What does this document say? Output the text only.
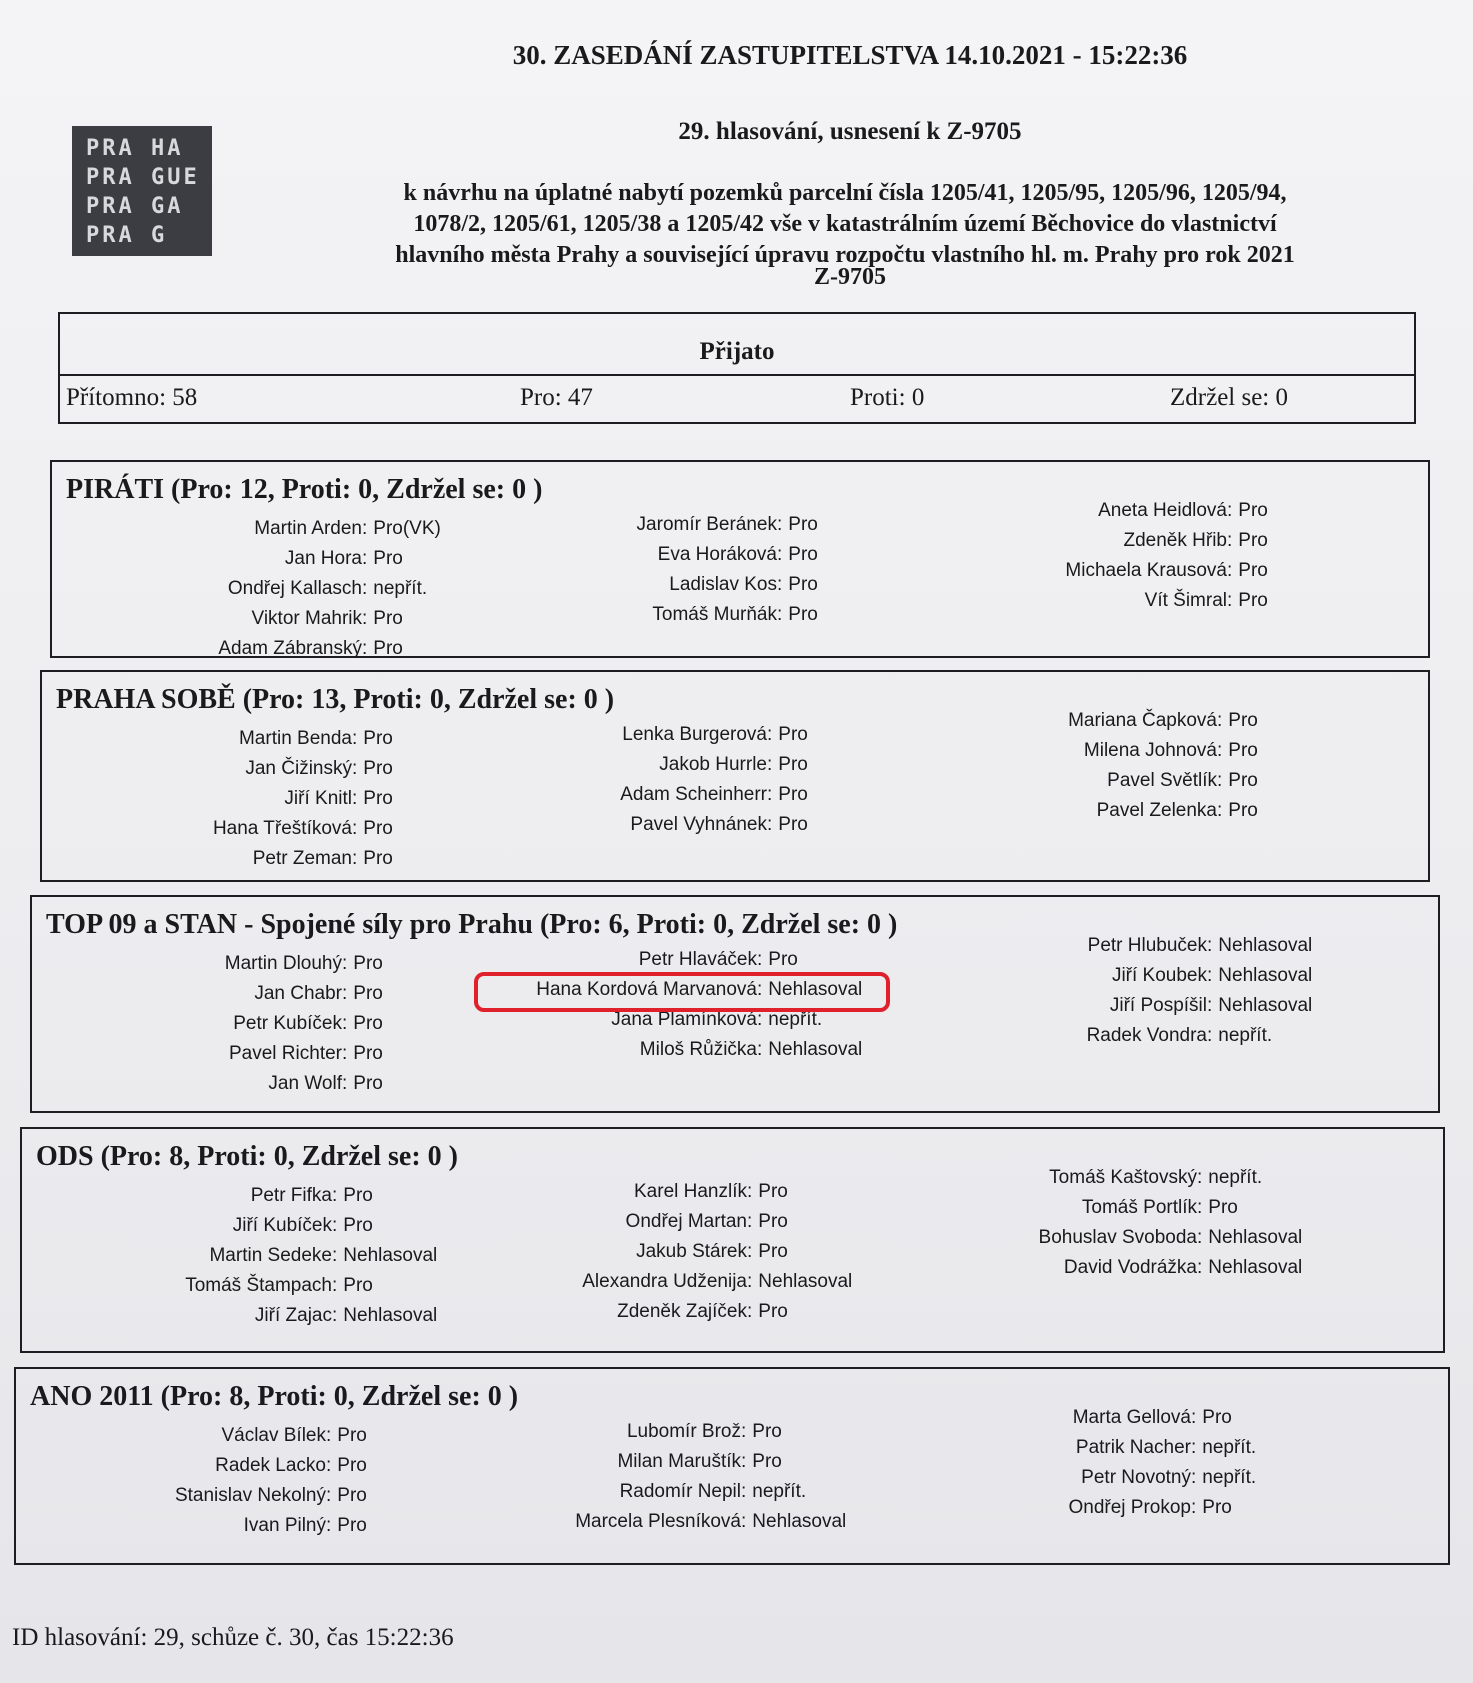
PRA HA
PRA GUE
PRA GA
PRA G
30. ZASEDÁNÍ ZASTUPITELSTVA 14.10.2021 - 15:22:36
29. hlasování, usnesení k Z-9705
k návrhu na úplatné nabytí pozemků parcelní čísla 1205/41, 1205/95, 1205/96, 1205/94,
1078/2, 1205/61, 1205/38 a 1205/42 vše v katastrálním území Běchovice do vlastnictví
hlavního města Prahy a související úpravu rozpočtu vlastního hl. m. Prahy pro rok 2021
Z-9705
Přijato
Přítomno: 58	Pro: 47	Proti: 0	Zdržel se: 0
PIRÁTI (Pro: 12, Proti: 0, Zdržel se: 0 )
Martin Arden : Pro(VK)
Jan Hora : Pro
Ondřej Kallasch : nepřít.
Viktor Mahrik : Pro
Adam Zábranský : Pro
Jaromír Beránek : Pro
Eva Horáková : Pro
Ladislav Kos : Pro
Tomáš Murňák : Pro
Aneta Heidlová : Pro
Zdeněk Hřib : Pro
Michaela Krausová : Pro
Vít Šimral : Pro
PRAHA SOBĚ (Pro: 13, Proti: 0, Zdržel se: 0 )
Martin Benda : Pro
Jan Čižinský : Pro
Jiří Knitl : Pro
Hana Třeštíková : Pro
Petr Zeman : Pro
Lenka Burgerová : Pro
Jakob Hurrle : Pro
Adam Scheinherr : Pro
Pavel Vyhnánek : Pro
Mariana Čapková : Pro
Milena Johnová : Pro
Pavel Světlík : Pro
Pavel Zelenka : Pro
TOP 09 a STAN - Spojené síly pro Prahu (Pro: 6, Proti: 0, Zdržel se: 0 )
Martin Dlouhý : Pro
Jan Chabr : Pro
Petr Kubíček : Pro
Pavel Richter : Pro
Jan Wolf : Pro
Petr Hlaváček : Pro
Hana Kordová Marvanová : Nehlasoval
Jana Plamínková : nepřít.
Miloš Růžička : Nehlasoval
Petr Hlubuček : Nehlasoval
Jiří Koubek : Nehlasoval
Jiří Pospíšil : Nehlasoval
Radek Vondra : nepřít.
ODS (Pro: 8, Proti: 0, Zdržel se: 0 )
Petr Fifka : Pro
Jiří Kubíček : Pro
Martin Sedeke : Nehlasoval
Tomáš Štampach : Pro
Jiří Zajac : Nehlasoval
Karel Hanzlík : Pro
Ondřej Martan : Pro
Jakub Stárek : Pro
Alexandra Udženija : Nehlasoval
Zdeněk Zajíček : Pro
Tomáš Kaštovský : nepřít.
Tomáš Portlík : Pro
Bohuslav Svoboda : Nehlasoval
David Vodrážka : Nehlasoval
ANO 2011 (Pro: 8, Proti: 0, Zdržel se: 0 )
Václav Bílek : Pro
Radek Lacko : Pro
Stanislav Nekolný : Pro
Ivan Pilný : Pro
Lubomír Brož : Pro
Milan Maruštík : Pro
Radomír Nepil : nepřít.
Marcela Plesníková : Nehlasoval
Marta Gellová : Pro
Patrik Nacher : nepřít.
Petr Novotný : nepřít.
Ondřej Prokop : Pro
ID hlasování: 29, schůze č. 30, čas 15:22:36
